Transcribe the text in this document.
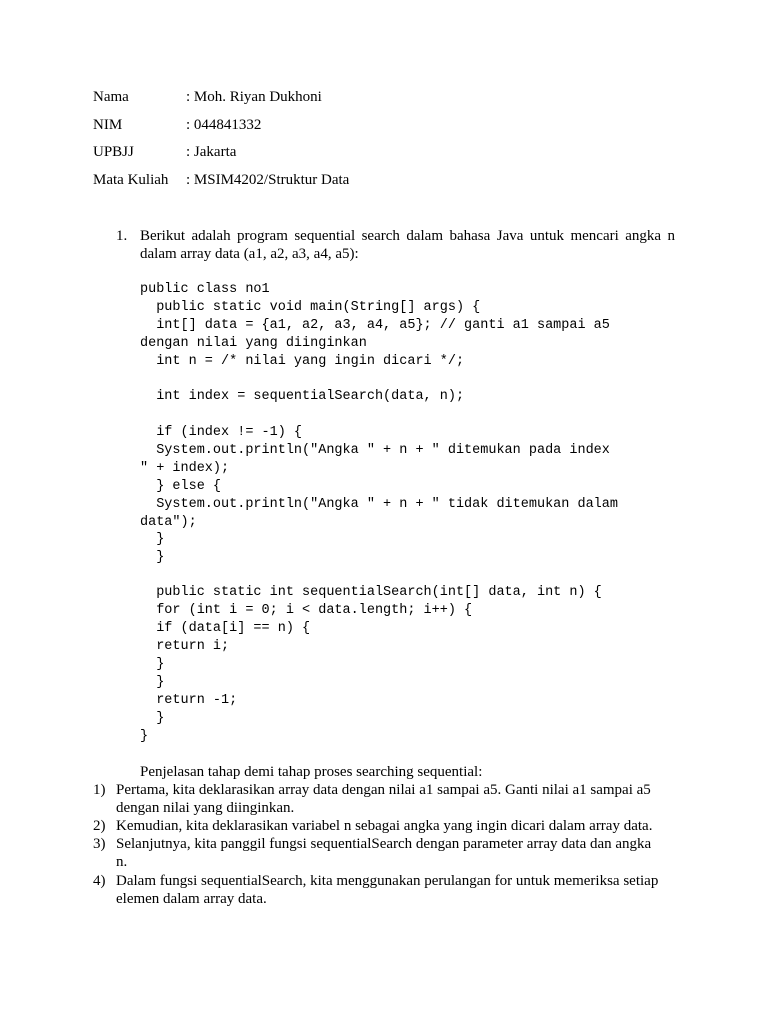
Nama	: Moh. Riyan Dukhoni
NIM	: 044841332
UPBJJ	: Jakarta
Mata Kuliah : MSIM4202/Struktur Data
1. Berikut adalah program sequential search dalam bahasa Java untuk mencari angka n
dalam array data (a1, a2, a3, a4, a5):
public class no1
public static void main(String[] args) {
int[] data = {a1, a2, a3, a4, a5}; // ganti a1 sampai a5
dengan nilai yang diinginkan
int n = /* nilai yang ingin dicari */;
int index = sequentialSearch(data, n);
if (index != -1) {
System.out.println("Angka " + n + " ditemukan pada index
" + index);
} else {
System.out.println("Angka " + n + " tidak ditemukan dalam
data");
}
}
public static int sequentialSearch(int[] data, int n) {
for (int i = 0; i < data.length; i++) {
if (data[i] == n) {
return i;
}
}
return -1;
}
}
Penjelasan tahap demi tahap proses searching sequential:
1) Pertama, kita deklarasikan array data dengan nilai a1 sampai a5. Ganti nilai a1 sampai a5
dengan nilai yang diinginkan.
2) Kemudian, kita deklarasikan variabel n sebagai angka yang ingin dicari dalam array data.
3) Selanjutnya, kita panggil fungsi sequentialSearch dengan parameter array data dan angka
n.
4) Dalam fungsi sequentialSearch, kita menggunakan perulangan for untuk memeriksa setiap
elemen dalam array data.
